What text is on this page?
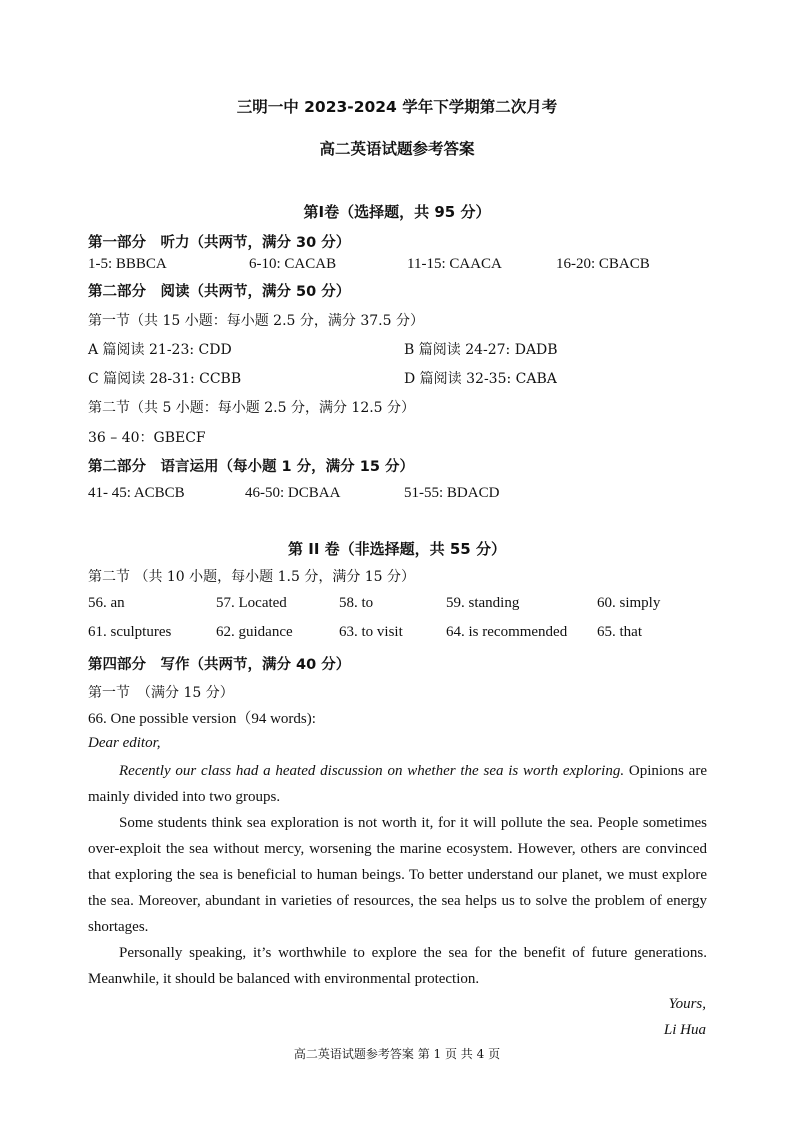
三明一中 2023-2024 学年下学期第二次月考
高二英语试题参考答案
第I卷（选择题，共 95 分）
第一部分　听力（共两节，满分 30 分）
1-5: BBBCA	6-10: CACAB	11-15: CAACA	16-20: CBACB
第二部分　阅读（共两节，满分 50 分）
第一节（共 15 小题：每小题 2.5 分，满分 37.5 分）
A 篇阅读 21-23: CDD	B 篇阅读 24-27: DADB
C 篇阅读 28-31: CCBB	D 篇阅读 32-35: CABA
第二节（共 5 小题：每小题 2.5 分，满分 12.5 分）
36 – 40：GBECF
第二部分　语言运用（每小题 1 分，满分 15 分）
41- 45: ACBCB	46-50: DCBAA	51-55: BDACD
第 II 卷（非选择题，共 55 分）
第二节 （共 10 小题，每小题 1.5 分，满分 15 分）
56. an	57. Located	58. to	59. standing	60. simply
61. sculptures	62. guidance	63. to visit	64. is recommended 65. that
第四部分　写作（共两节，满分 40 分）
第一节　（满分 15 分）
66. One possible version（94 words):
Dear editor,
Recently our class had a heated discussion on whether the sea is worth exploring. Opinions are mainly divided into two groups.
Some students think sea exploration is not worth it, for it will pollute the sea. People sometimes over-exploit the sea without mercy, worsening the marine ecosystem. However, others are convinced that exploring the sea is beneficial to human beings. To better understand our planet, we must explore the sea. Moreover, abundant in varieties of resources, the sea helps us to solve the problem of energy shortages.
Personally speaking, it’s worthwhile to explore the sea for the benefit of future generations. Meanwhile, it should be balanced with environmental protection.
Yours,
Li Hua
高二英语试题参考答案 第 1 页 共 4 页
